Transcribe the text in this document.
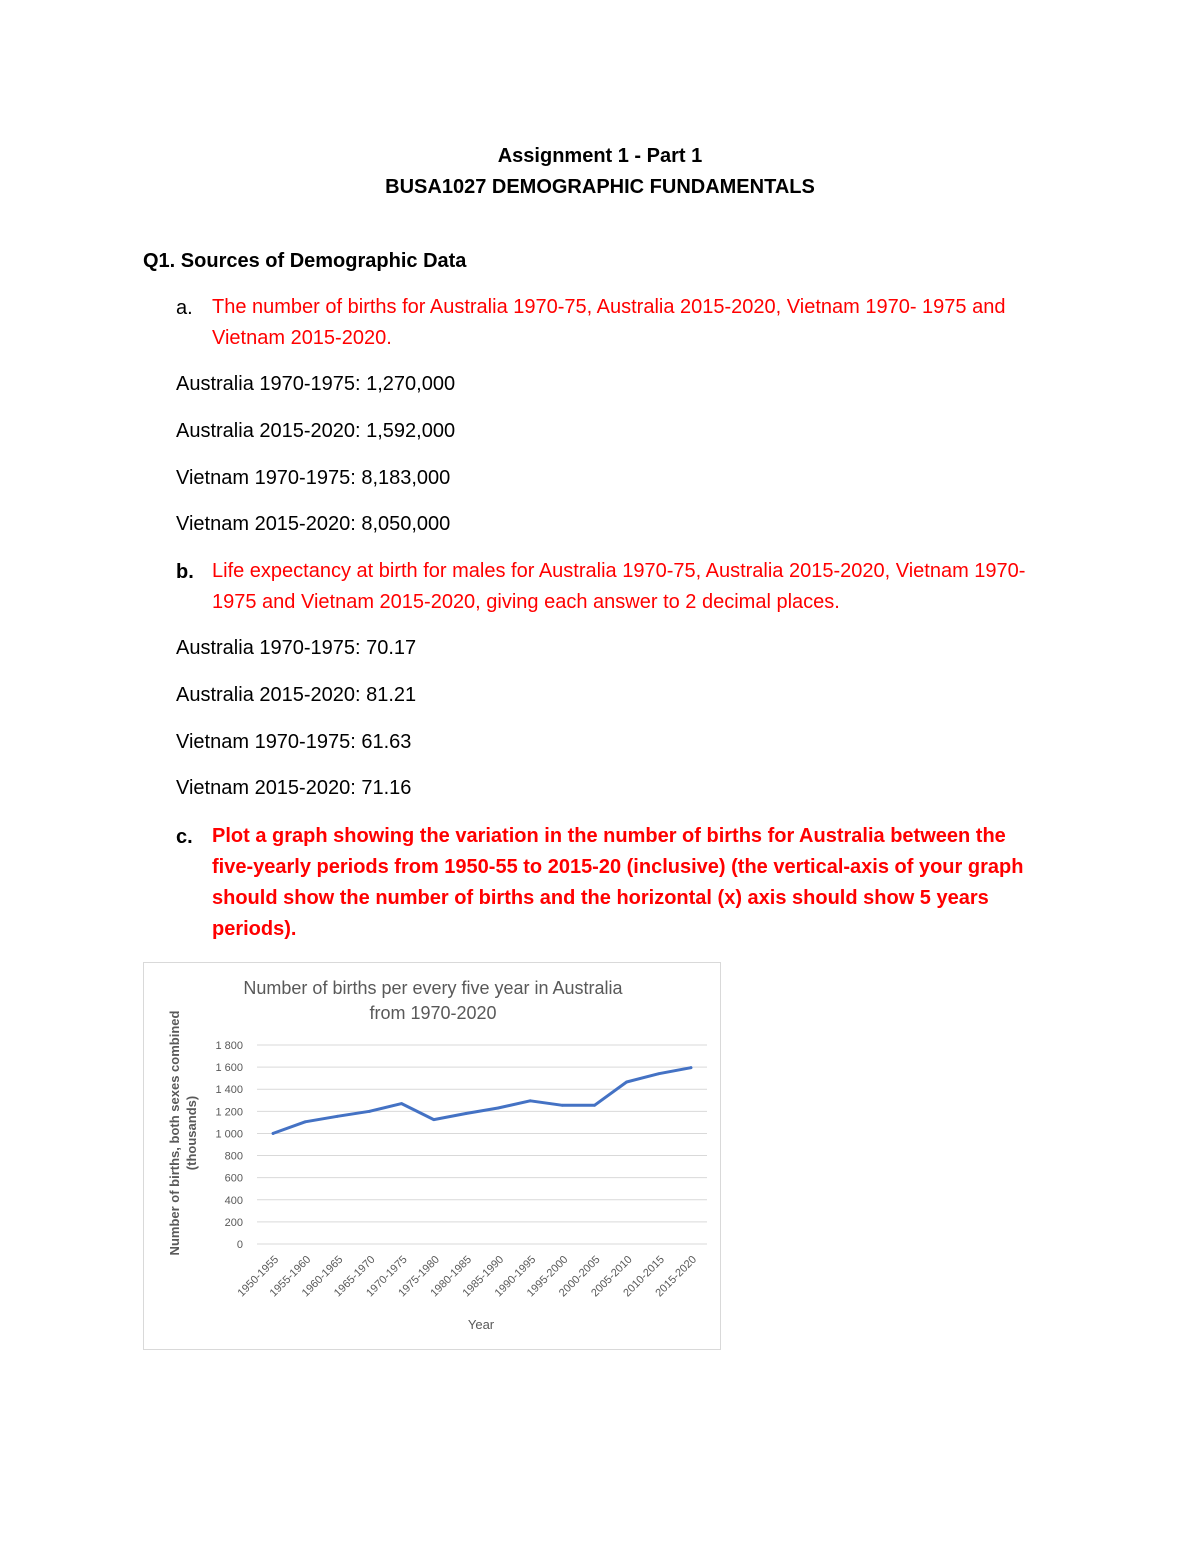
Assignment 1 - Part 1
BUSA1027 DEMOGRAPHIC FUNDAMENTALS
Q1. Sources of Demographic Data
a. The number of births for Australia 1970-75, Australia 2015-2020, Vietnam 1970- 1975 and Vietnam 2015-2020.
Australia 1970-1975: 1,270,000
Australia 2015-2020: 1,592,000
Vietnam 1970-1975: 8,183,000
Vietnam 2015-2020: 8,050,000
b. Life expectancy at birth for males for Australia 1970-75, Australia 2015-2020, Vietnam 1970-1975 and Vietnam 2015-2020, giving each answer to 2 decimal places.
Australia 1970-1975: 70.17
Australia 2015-2020: 81.21
Vietnam 1970-1975: 61.63
Vietnam 2015-2020: 71.16
c. Plot a graph showing the variation in the number of births for Australia between the five-yearly periods from 1950-55 to 2015-20 (inclusive) (the vertical-axis of your graph should show the number of births and the horizontal (x) axis should show 5 years periods).
Number of births per every five year in Australia
from 1970-2020
0
200
400
600
800
1 000
1 200
1 400
1 600
1 800
1950-1955
1955-1960
1960-1965
1965-1970
1970-1975
1975-1980
1980-1985
1985-1990
1990-1995
1995-2000
2000-2005
2005-2010
2010-2015
2015-2020
Year
Number of births, both sexes combined (thousands)
